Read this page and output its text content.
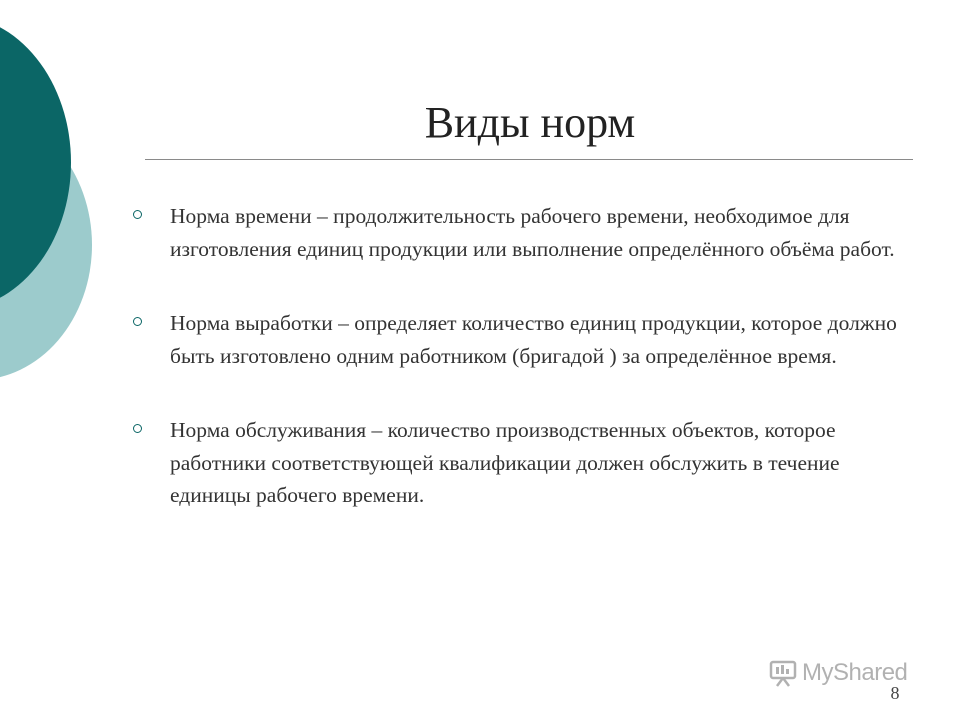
Виды норм
Норма времени – продолжительность рабочего времени, необходимое для изготовления единиц продукции или выполнение определённого объёма работ.
Норма выработки – определяет количество единиц продукции, которое должно быть изготовлено одним работником (бригадой ) за определённое время.
Норма обслуживания – количество производственных объектов, которое работники соответствующей квалификации должен обслужить в течение единицы рабочего времени.
MyShared
8
